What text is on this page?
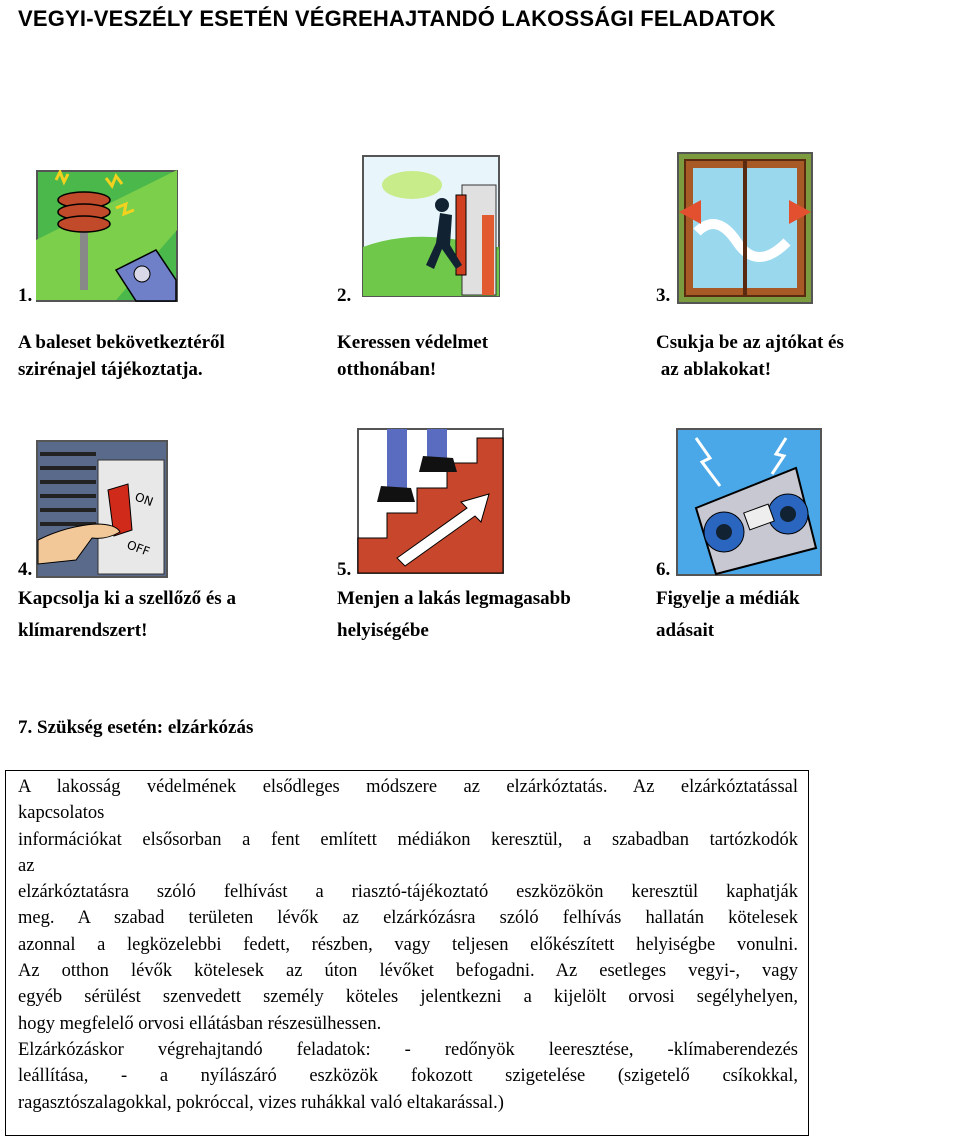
VEGYI-VESZÉLY ESETÉN VÉGREHAJTANDÓ LAKOSSÁGI FELADATOK
1.
A baleset bekövetkeztéről
szirénajel tájékoztatja.
2.
Keressen védelmet
otthonában!
3.
Csukja be az ajtókat és
az ablakokat!
ON
OFF
4.
Kapcsolja ki a szellőző és a
klímarendszert!
5.
Menjen a lakás legmagasabb
helyiségébe
6.
Figyelje a médiák
adásait
7. Szükség esetén: elzárkózás

A lakosság védelmének elsődleges módszere az elzárkóztatás. Az elzárkóztatással

kapcsolatos

információkat elsősorban a fent említett médiákon keresztül, a szabadban tartózkodók

az

elzárkóztatásra szóló felhívást a riasztó-tájékoztató eszközökön keresztül kaphatják

meg. A szabad területen lévők az elzárkózásra szóló felhívás hallatán kötelesek

azonnal a legközelebbi fedett, részben, vagy teljesen előkészített helyiségbe vonulni.

Az otthon lévők kötelesek az úton lévőket befogadni. Az esetleges vegyi-, vagy

egyéb sérülést szenvedett személy köteles jelentkezni a kijelölt orvosi segélyhelyen,

hogy megfelelő orvosi ellátásban részesülhessen.

Elzárkózáskor végrehajtandó feladatok: - redőnyök leeresztése, -klímaberendezés

leállítása, - a nyílászáró eszközök fokozott szigetelése (szigetelő csíkokkal,

ragasztószalagokkal, pokróccal, vizes ruhákkal való eltakarással.)
